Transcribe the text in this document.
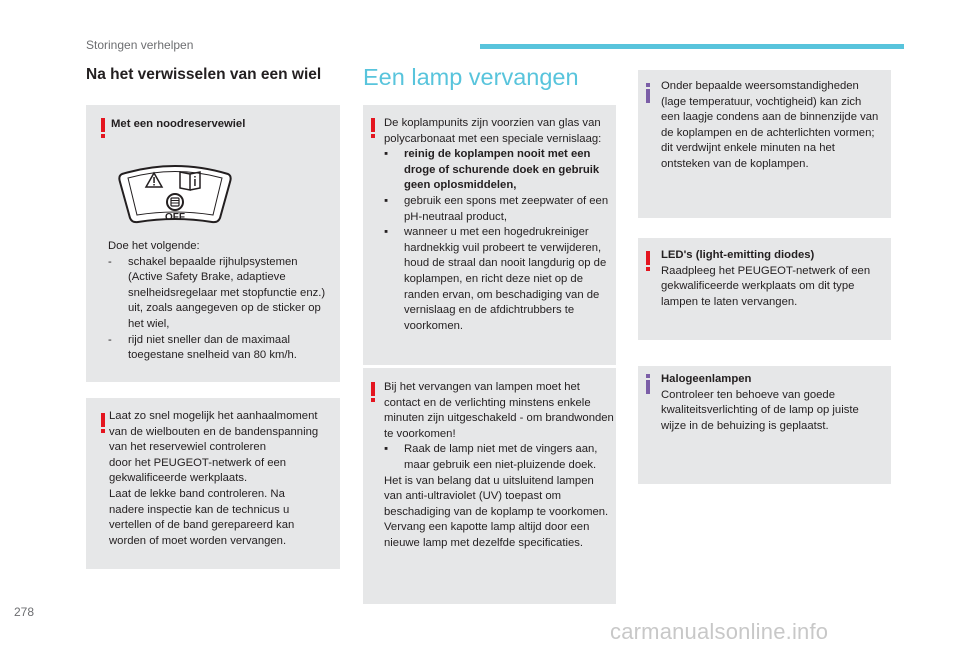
Storingen verhelpen
Na het verwisselen van een wiel
Met een noodreservewiel
OFF

Doe het volgende:

- schakel bepaalde rijhulpsystemen (Active Safety Brake, adaptieve snelheidsregelaar met stopfunctie enz.) uit, zoals aangegeven op de sticker op het wiel,
- rijd niet sneller dan de maximaal toegestane snelheid van 80 km/h.
Laat zo snel mogelijk het aanhaalmoment
van de wielbouten en de bandenspanning
van het reservewiel controleren
door het PEUGEOT-netwerk of een
gekwalificeerde werkplaats.
Laat de lekke band controleren. Na
nadere inspectie kan de technicus u
vertellen of de band gerepareerd kan
worden of moet worden vervangen.
Een lamp vervangen

De koplampunits zijn voorzien van glas van polycarbonaat met een speciale vernislaag:

▪ reinig de koplampen nooit met een droge of schurende doek en gebruik geen oplosmiddelen,
▪ gebruik een spons met zeepwater of een pH-neutraal product,
▪ wanneer u met een hogedrukreiniger hardnekkig vuil probeert te verwijderen, houd de straal dan nooit langdurig op de koplampen, en richt deze niet op de randen ervan, om beschadiging van de vernislaag en de afdichtrubbers te voorkomen.

Bij het vervangen van lampen moet het contact en de verlichting minstens enkele minuten zijn uitgeschakeld - om brandwonden te voorkomen!

▪ Raak de lamp niet met de vingers aan, maar gebruik een niet-pluizende doek.

Het is van belang dat u uitsluitend lampen van anti-ultraviolet (UV) toepast om beschadiging van de koplamp te voorkomen.

Vervang een kapotte lamp altijd door een nieuwe lamp met dezelfde specificaties.

Onder bepaalde weersomstandigheden (lage temperatuur, vochtigheid) kan zich een laagje condens aan de binnenzijde van de koplampen en de achterlichten vormen; dit verdwijnt enkele minuten na het ontsteken van de koplampen.
LED's (light-emitting diodes)
Raadpleeg het PEUGEOT-netwerk of een gekwalificeerde werkplaats om dit type lampen te laten vervangen.
Halogeenlampen
Controleer ten behoeve van goede kwaliteitsverlichting of de lamp op juiste wijze in de behuizing is geplaatst.
278
carmanualsonline.info
